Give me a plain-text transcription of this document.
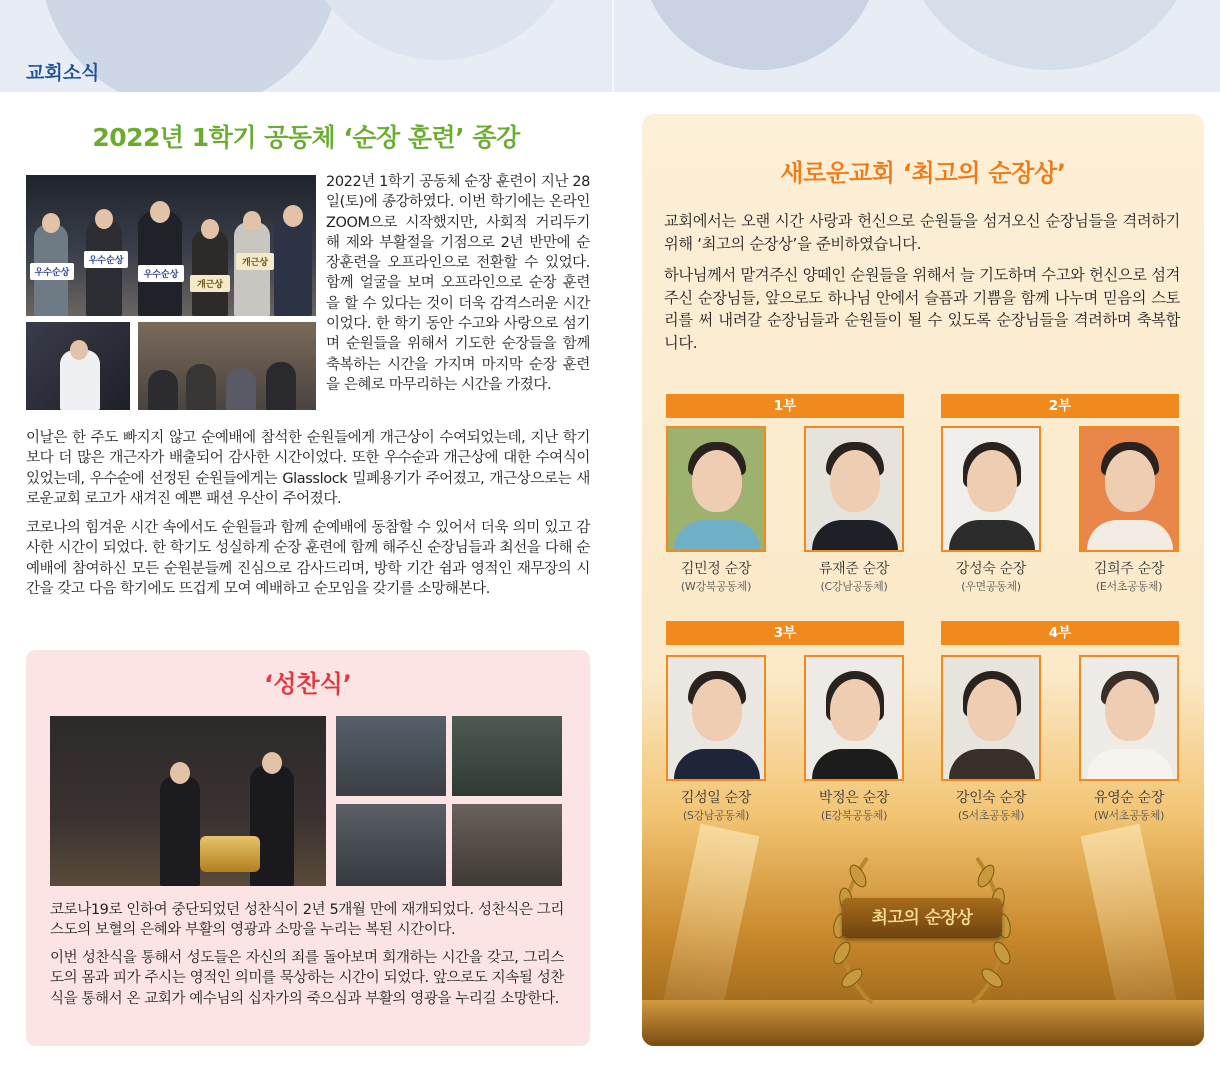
교회소식
2022년 1학기 공동체 ‘순장 훈련’ 종강
우수순상
우수순상
우수순상
개근상
개근상
2022년 1학기 공동체 순장 훈련이 지난 28일(토)에 종강하였다. 이번 학기에는 온라인 ZOOM으로 시작했지만, 사회적 거리두기 해 제와 부활절을 기점으로 2년 반만에 순장훈련을 오프라인으로 전환할 수 있었다. 함께 얼굴을 보며 오프라인으로 순장 훈련을 할 수 있다는 것이 더욱 감격스러운 시간이었다. 한 학기 동안 수고와 사랑으로 섬기며 순원들을 위해서 기도한 순장들을 함께 축복하는 시간을 가지며 마지막 순장 훈련을 은혜로 마무리하는 시간을 가졌다.
이날은 한 주도 빠지지 않고 순예배에 참석한 순원들에게 개근상이 수여되었는데, 지난 학기보다 더 많은 개근자가 배출되어 감사한 시간이었다. 또한 우수순과 개근상에 대한 수여식이 있었는데, 우수순에 선정된 순원들에게는 Glasslock 밀폐용기가 주어졌고, 개근상으로는 새로운교회 로고가 새겨진 예쁜 패션 우산이 주어졌다.
코로나의 힘겨운 시간 속에서도 순원들과 함께 순예배에 동참할 수 있어서 더욱 의미 있고 감사한 시간이 되었다. 한 학기도 성실하게 순장 훈련에 함께 해주신 순장님들과 최선을 다해 순예배에 참여하신 모든 순원분들께 진심으로 감사드리며, 방학 기간 쉼과 영적인 재무장의 시간을 갖고 다음 학기에도 뜨겁게 모여 예배하고 순모임을 갖기를 소망해본다.
‘성찬식’
코로나19로 인하여 중단되었던 성찬식이 2년 5개월 만에 재개되었다. 성찬식은 그리스도의 보혈의 은혜와 부활의 영광과 소망을 누리는 복된 시간이다.
이번 성찬식을 통해서 성도들은 자신의 죄를 돌아보며 회개하는 시간을 갖고, 그리스도의 몸과 피가 주시는 영적인 의미를 묵상하는 시간이 되었다. 앞으로도 지속될 성찬식을 통해서 온 교회가 예수님의 십자가의 죽으심과 부활의 영광을 누리길 소망한다.
새로운교회 ‘최고의 순장상’
교회에서는 오랜 시간 사랑과 헌신으로 순원들을 섬겨오신 순장님들을 격려하기 위해 ‘최고의 순장상’을 준비하였습니다.
하나님께서 맡겨주신 양떼인 순원들을 위해서 늘 기도하며 수고와 헌신으로 섬겨주신 순장님들, 앞으로도 하나님 안에서 슬픔과 기쁨을 함께 나누며 믿음의 스토리를 써 내려갈 순장님들과 순원들이 될 수 있도록 순장님들을 격려하며 축복합니다.
1부	2부
3부	4부
김민정 순장
(W강북공동체)
류재준 순장
(C강남공동체)
강성숙 순장
(우면공동체)
김희주 순장
(E서초공동체)
김성일 순장
(S강남공동체)
박정은 순장
(E강북공동체)
강인숙 순장
(S서초공동체)
유영순 순장
(W서초공동체)
최고의 순장상
